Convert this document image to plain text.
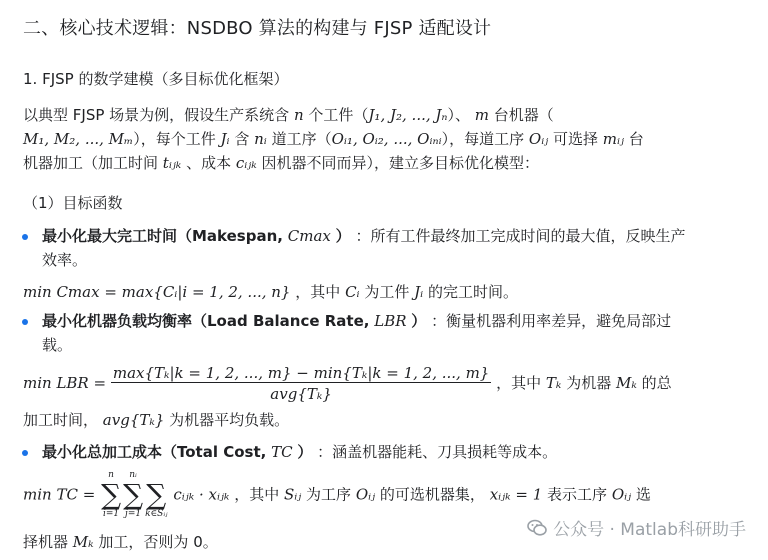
二、核心技术逻辑：NSDBO 算法的构建与 FJSP 适配设计
1. FJSP 的数学建模（多目标优化框架）
以典型 FJSP 场景为例，假设生产系统含 n 个工件（J₁, J₂, ..., Jₙ）、 m 台机器（
M₁, M₂, ..., Mₘ），每个工件 Jᵢ 含 nᵢ 道工序（Oᵢ₁, Oᵢ₂, ..., Oᵢₙᵢ），每道工序 Oᵢⱼ 可选择 mᵢⱼ 台
机器加工（加工时间 tᵢⱼₖ 、成本 cᵢⱼₖ 因机器不同而异），建立多目标优化模型：
（1）目标函数
最小化最大完工时间（Makespan, Cmax ） ：所有工件最终加工完成时间的最大值，反映生产
效率。
min Cmax = max{Cᵢ|i = 1, 2, ..., n} ，其中 Cᵢ 为工件 Jᵢ 的完工时间。
最小化机器负载均衡率（Load Balance Rate, LBR ） ：衡量机器利用率差异，避免局部过
载。
min LBR = $\frac{\text{max\{Tₖ|k = 1, 2, ..., m\} − min\{Tₖ|k = 1, 2, ..., m\}}}{\text{avg\{Tₖ\}}}$ ，其中 Tₖ 为机器 Mₖ 的总
加工时间， avg{Tₖ} 为机器平均负载。
最小化总加工成本（Total Cost, TC ） ：涵盖机器能耗、刀具损耗等成本。
min TC =
n
∑
i=1
nᵢ
∑
j=1

∑
k∈Sᵢⱼ
cᵢⱼₖ · xᵢⱼₖ ，其中 Sᵢⱼ 为工序 Oᵢⱼ 的可选机器集， xᵢⱼₖ = 1 表示工序 Oᵢⱼ 选
择机器 Mₖ 加工，否则为 0。
公众号 · Matlab科研助手
